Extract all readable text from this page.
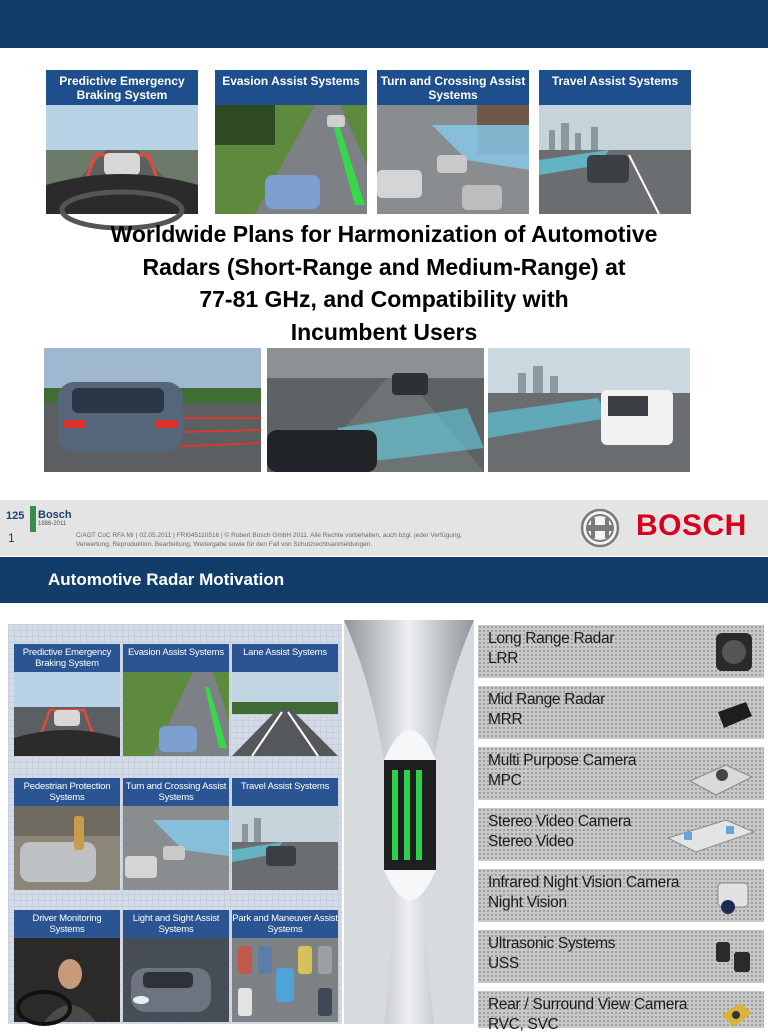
Predictive Emergency Braking System
Evasion Assist Systems	Turn and Crossing Assist Systems
Travel Assist Systems
Worldwide Plans for Harmonization of Automotive
Radars (Short-Range and Medium-Range) at
77-81 GHz, and Compatibility with
Incumbent Users
125 Bosch
1886-2011
1	C/AGT CoC RFA Mr | 02.05.2011 | FRI045110516 | © Robert Bosch GmbH 2011. Alle Rechte vorbehalten, auch bzgl. jeder Verfügung,
Verwertung, Reproduktion, Bearbeitung, Weitergabe sowie für den Fall von Schutzrechtsanmeldungen.
BOSCH
Automotive Radar Motivation
Predictive Emergency Braking System
Evasion Assist Systems	Lane Assist Systems
Pedestrian Protection Systems
Turn and Crossing Assist Systems
Travel Assist Systems
Driver Monitoring Systems
Light and Sight Assist Systems
Park and Maneuver Assist Systems
Long Range Radar
LRR
Mid Range Radar
MRR
Multi Purpose Camera
MPC
Stereo Video Camera
Stereo Video
Infrared Night Vision Camera
Night Vision
Ultrasonic Systems
USS
Rear / Surround View Camera
RVC, SVC
